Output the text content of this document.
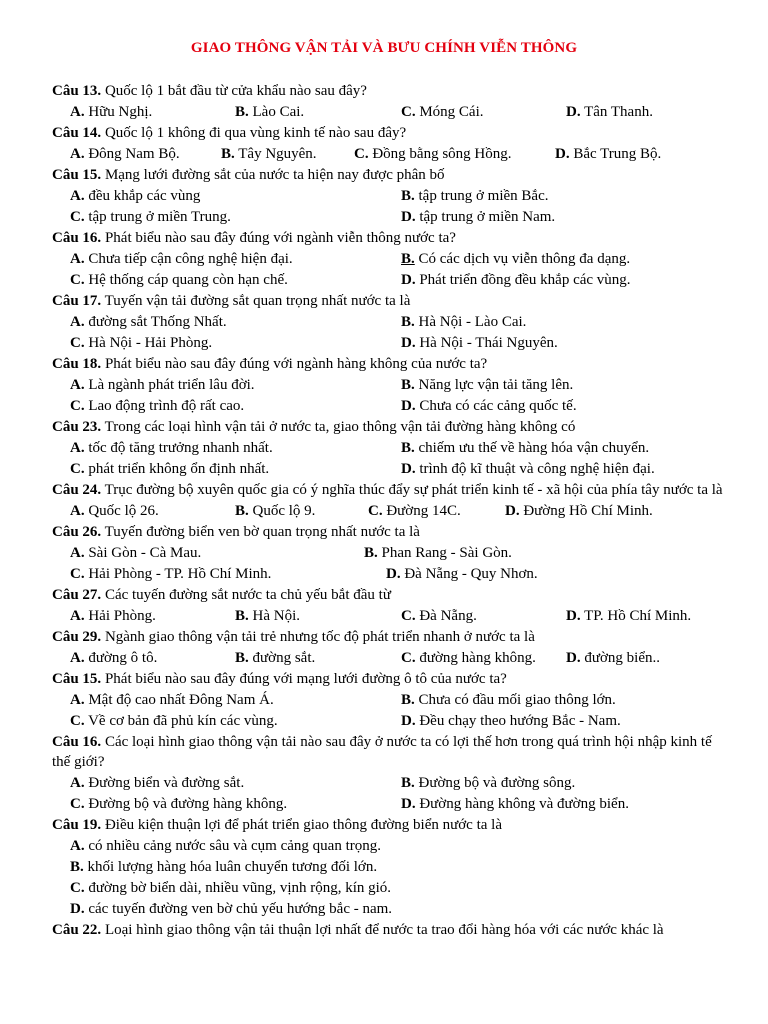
GIAO THÔNG VẬN TẢI VÀ BƯU CHÍNH VIỄN THÔNG
Câu 13. Quốc lộ 1 bắt đầu từ cửa khẩu nào sau đây?
A. Hữu Nghị.	B. Lào Cai.	C. Móng Cái.	D. Tân Thanh.
Câu 14. Quốc lộ 1 không đi qua vùng kinh tế nào sau đây?
A. Đông Nam Bộ.	B. Tây Nguyên. C. Đồng bằng sông Hồng.	D. Bắc Trung Bộ.
Câu 15. Mạng lưới đường sắt của nước ta hiện nay được phân bố
A. đều khắp các vùng	B. tập trung ở miền Bắc.
C. tập trung ở miền Trung.	D. tập trung ở miền Nam.
Câu 16. Phát biểu nào sau đây đúng với ngành viễn thông nước ta?
A. Chưa tiếp cận công nghệ hiện đại.	B. Có các dịch vụ viễn thông đa dạng.
C. Hệ thống cáp quang còn hạn chế.	D. Phát triển đồng đều khắp các vùng.
Câu 17. Tuyến vận tải đường sắt quan trọng nhất nước ta là
A. đường sắt Thống Nhất.	B. Hà Nội - Lào Cai.
C. Hà Nội - Hải Phòng.	D. Hà Nội - Thái Nguyên.
Câu 18. Phát biểu nào sau đây đúng với ngành hàng không của nước ta?
A. Là ngành phát triển lâu đời.	B. Năng lực vận tải tăng lên.
C. Lao động trình độ rất cao.	D. Chưa có các cảng quốc tế.
Câu 23. Trong các loại hình vận tải ở nước ta, giao thông vận tải đường hàng không có
A. tốc độ tăng trưởng nhanh nhất.	B. chiếm ưu thế về hàng hóa vận chuyển.
C. phát triển không ổn định nhất.	D. trình độ kĩ thuật và công nghệ hiện đại.
Câu 24. Trục đường bộ xuyên quốc gia có ý nghĩa thúc đẩy sự phát triển kinh tế - xã hội của phía tây nước ta là
A. Quốc lộ 26.	B. Quốc lộ 9.	C. Đường 14C.	D. Đường Hồ Chí Minh.
Câu 26. Tuyến đường biển ven bờ quan trọng nhất nước ta là
A. Sài Gòn - Cà Mau.	B. Phan Rang - Sài Gòn.
C. Hải Phòng - TP. Hồ Chí Minh.	D. Đà Nẵng - Quy Nhơn.
Câu 27. Các tuyến đường sắt nước ta chủ yếu bắt đầu từ
A. Hải Phòng.	B. Hà Nội.	C. Đà Nẵng.	D. TP. Hồ Chí Minh.
Câu 29. Ngành giao thông vận tải trẻ nhưng tốc độ phát triển nhanh ở nước ta là
A. đường ô tô.	B. đường sắt.	C. đường hàng không. D. đường biển..
Câu 15. Phát biểu nào sau đây đúng với mạng lưới đường ô tô của nước ta?
A. Mật độ cao nhất Đông Nam Á.	B. Chưa có đầu mối giao thông lớn.
C. Về cơ bản đã phủ kín các vùng.	D. Đều chạy theo hướng Bắc - Nam.
Câu 16. Các loại hình giao thông vận tải nào sau đây ở nước ta có lợi thế hơn trong quá trình hội nhập kinh tế thế giới?
A. Đường biển và đường sắt.	B. Đường bộ và đường sông.
C. Đường bộ và đường hàng không.	D. Đường hàng không và đường biển.
Câu 19. Điều kiện thuận lợi để phát triển giao thông đường biển nước ta là
A. có nhiều cảng nước sâu và cụm cảng quan trọng.
B. khối lượng hàng hóa luân chuyển tương đối lớn.
C. đường bờ biển dài, nhiều vũng, vịnh rộng, kín gió.
D. các tuyến đường ven bờ chủ yếu hướng bắc - nam.
Câu 22. Loại hình giao thông vận tải thuận lợi nhất để nước ta trao đổi hàng hóa với các nước khác là
